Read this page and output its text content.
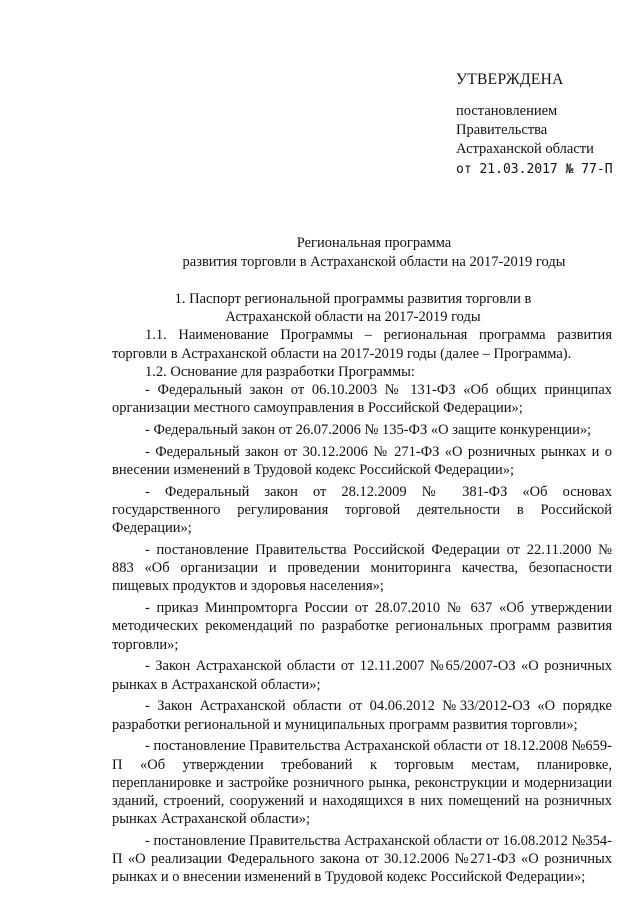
УТВЕРЖДЕНА
постановлением
Правительства
Астраханской области
от 21.03.2017 № 77-П
Региональная программа
развития торговли в Астраханской области на 2017-2019 годы
1. Паспорт региональной программы развития торговли в Астраханской области на 2017-2019 годы

1.1. Наименование Программы – региональная программа развития торговли в Астраханской области на 2017-2019 годы (далее – Программа).

1.2. Основание для разработки Программы:

- Федеральный закон от 06.10.2003 № 131-ФЗ «Об общих принципах организации местного самоуправления в Российской Федерации»;

- Федеральный закон от 26.07.2006 № 135-ФЗ «О защите конкуренции»;

- Федеральный закон от 30.12.2006 № 271-ФЗ «О розничных рынках и о внесении изменений в Трудовой кодекс Российской Федерации»;

- Федеральный закон от 28.12.2009 № 381-ФЗ «Об основах государственного регулирования торговой деятельности в Российской Федерации»;

- постановление Правительства Российской Федерации от 22.11.2000 № 883 «Об организации и проведении мониторинга качества, безопасности пищевых продуктов и здоровья населения»;

- приказ Минпромторга России от 28.07.2010 № 637 «Об утверждении методических рекомендаций по разработке региональных программ развития торговли»;

- Закон Астраханской области от 12.11.2007 №65/2007-ОЗ «О розничных рынках в Астраханской области»;

- Закон Астраханской области от 04.06.2012 №33/2012-ОЗ «О порядке разработки региональной и муниципальных программ развития торговли»;

- постановление Правительства Астраханской области от 18.12.2008 №659-П «Об утверждении требований к торговым местам, планировке, перепланировке и застройке розничного рынка, реконструкции и модернизации зданий, строений, сооружений и находящихся в них помещений на розничных рынках Астраханской области»;

- постановление Правительства Астраханской области от 16.08.2012 №354-П «О реализации Федерального закона от 30.12.2006 №271-ФЗ «О розничных рынках и о внесении изменений в Трудовой кодекс Российской Федерации»;
